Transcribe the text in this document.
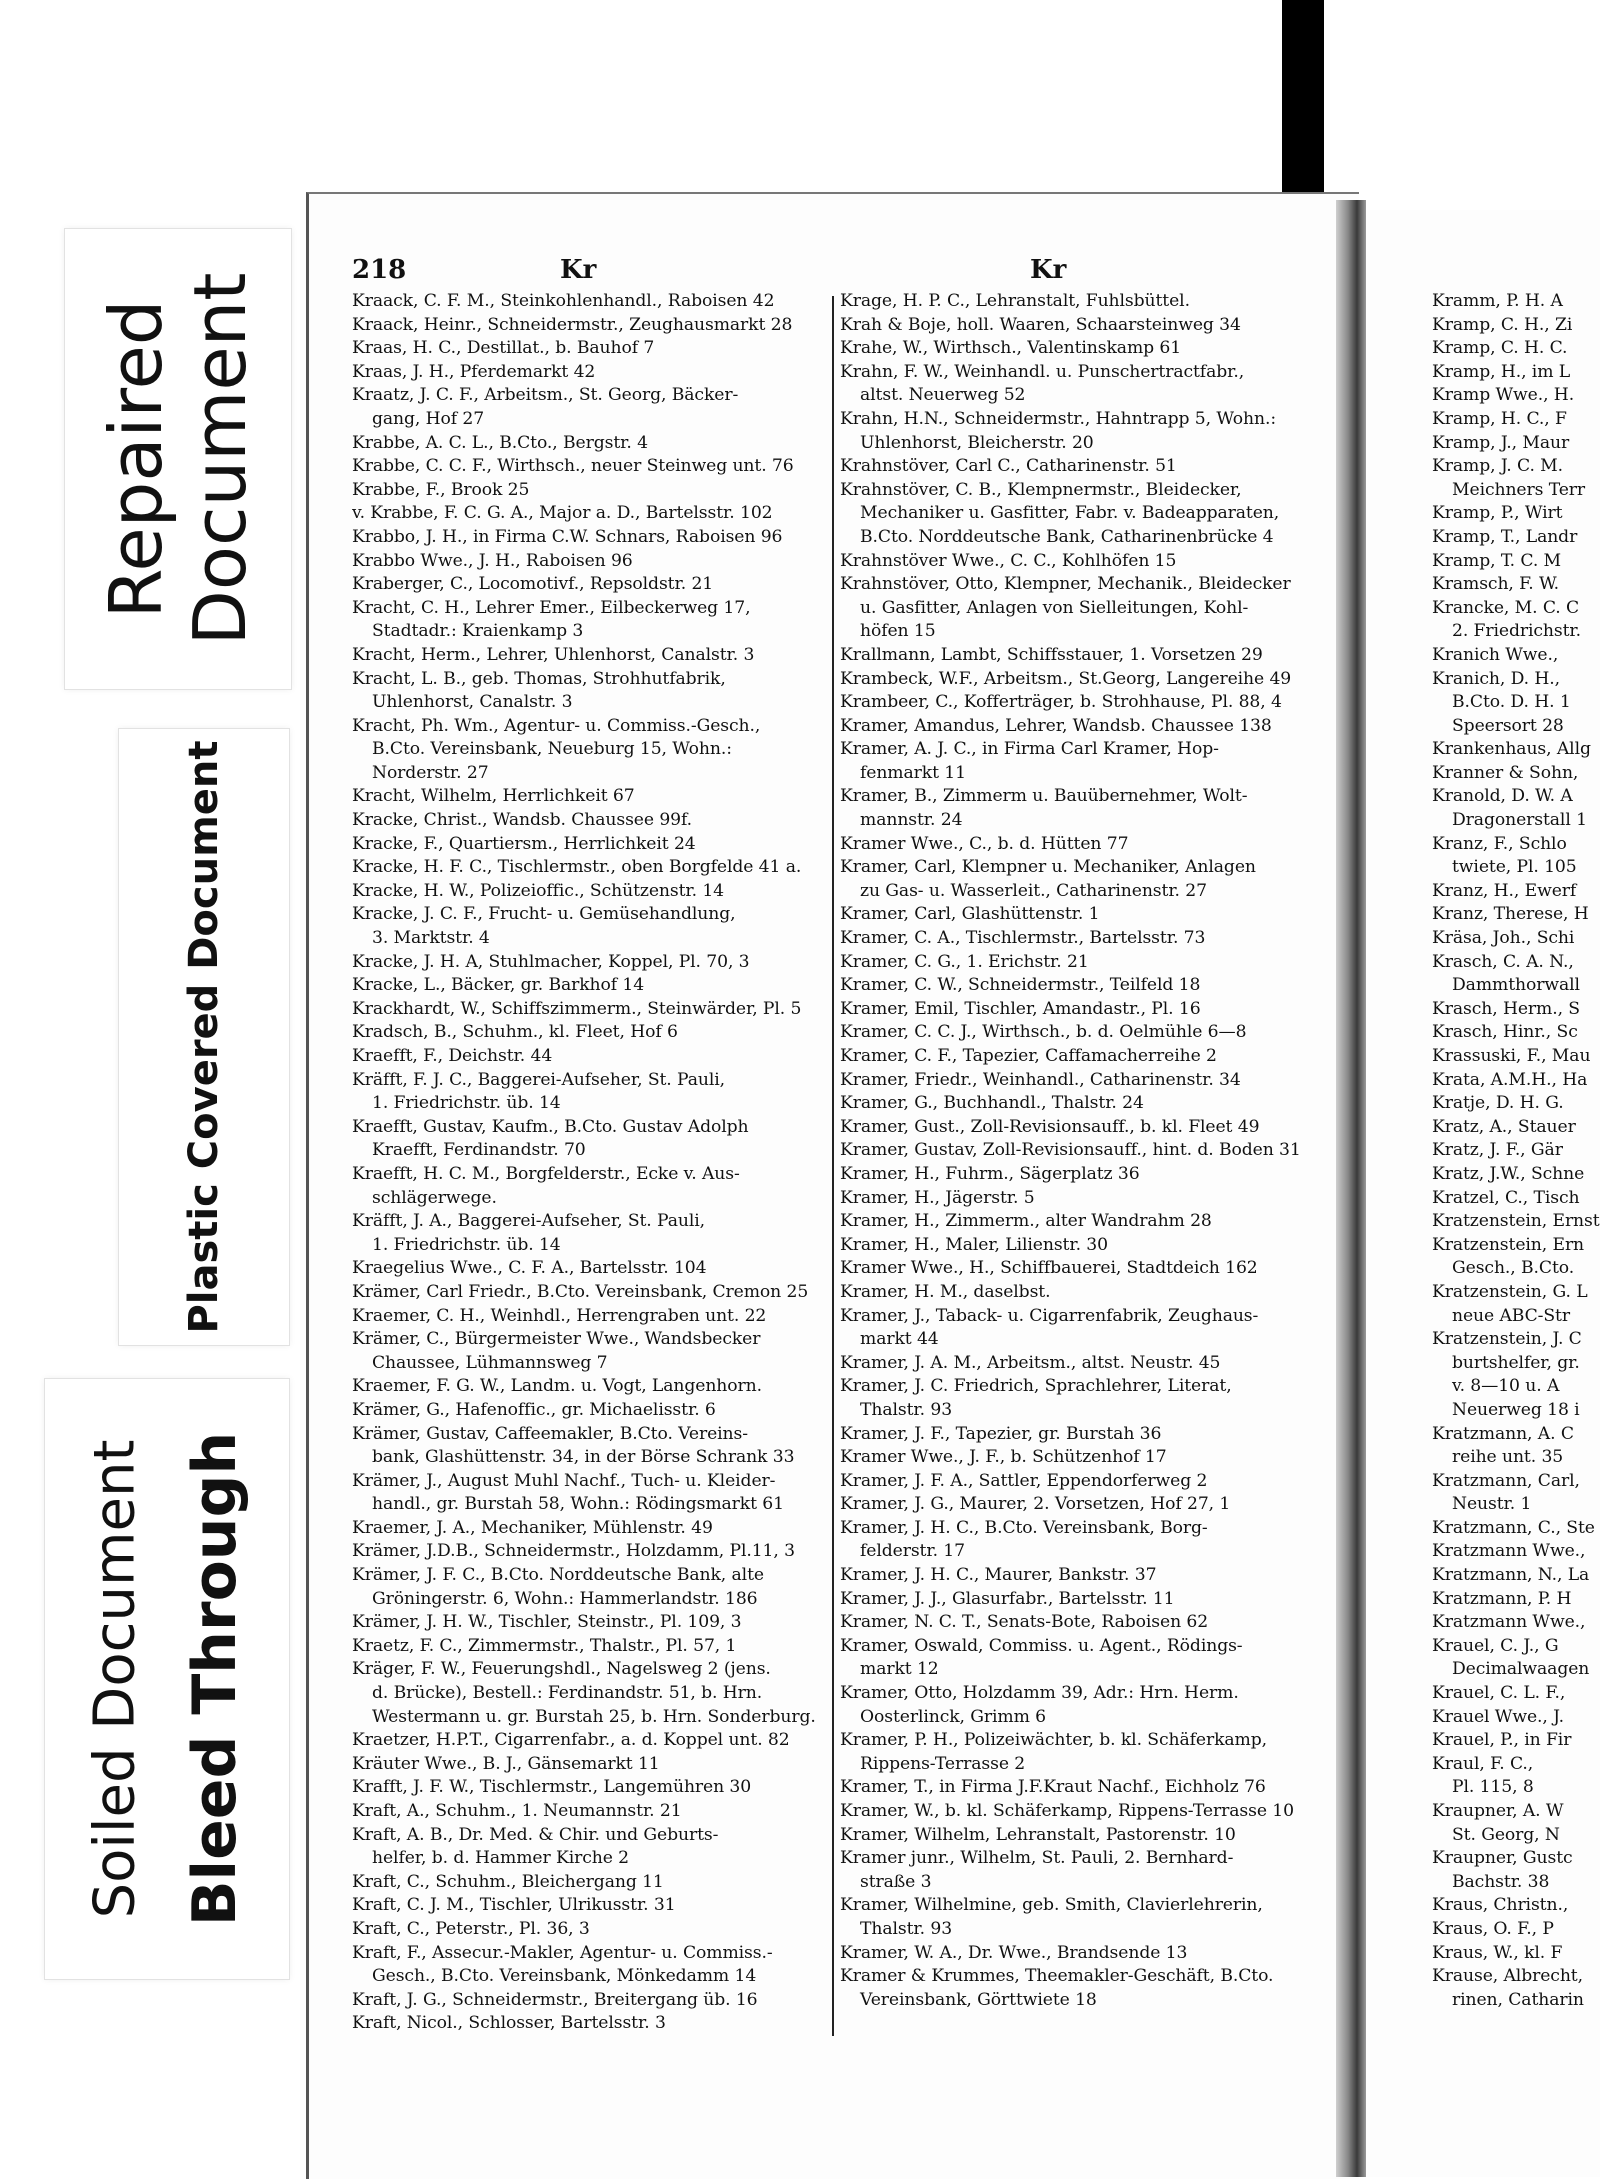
Repaired Document
Plastic Covered Document
Soiled Document Bleed Through
218	Kr	Kr
Kraack, C. F. M., Steinkohlenhandl., Raboisen 42
Kraack, Heinr., Schneidermstr., Zeughausmarkt 28
Kraas, H. C., Destillat., b. Bauhof 7
Kraas, J. H., Pferdemarkt 42
Kraatz, J. C. F., Arbeitsm., St. Georg, Bäcker-
gang, Hof 27
Krabbe, A. C. L., B.Cto., Bergstr. 4
Krabbe, C. C. F., Wirthsch., neuer Steinweg unt. 76
Krabbe, F., Brook 25
v. Krabbe, F. C. G. A., Major a. D., Bartelsstr. 102
Krabbo, J. H., in Firma C.W. Schnars, Raboisen 96
Krabbo Wwe., J. H., Raboisen 96
Kraberger, C., Locomotivf., Repsoldstr. 21
Kracht, C. H., Lehrer Emer., Eilbeckerweg 17,
Stadtadr.: Kraienkamp 3
Kracht, Herm., Lehrer, Uhlenhorst, Canalstr. 3
Kracht, L. B., geb. Thomas, Strohhutfabrik,
Uhlenhorst, Canalstr. 3
Kracht, Ph. Wm., Agentur- u. Commiss.-Gesch.,
B.Cto. Vereinsbank, Neueburg 15, Wohn.:
Norderstr. 27
Kracht, Wilhelm, Herrlichkeit 67
Kracke, Christ., Wandsb. Chaussee 99f.
Kracke, F., Quartiersm., Herrlichkeit 24
Kracke, H. F. C., Tischlermstr., oben Borgfelde 41 a.
Kracke, H. W., Polizeioffic., Schützenstr. 14
Kracke, J. C. F., Frucht- u. Gemüsehandlung,
3. Marktstr. 4
Kracke, J. H. A, Stuhlmacher, Koppel, Pl. 70, 3
Kracke, L., Bäcker, gr. Barkhof 14
Krackhardt, W., Schiffszimmerm., Steinwärder, Pl. 5
Kradsch, B., Schuhm., kl. Fleet, Hof 6
Kraefft, F., Deichstr. 44
Kräfft, F. J. C., Baggerei-Aufseher, St. Pauli,
1. Friedrichstr. üb. 14
Kraefft, Gustav, Kaufm., B.Cto. Gustav Adolph
Kraefft, Ferdinandstr. 70
Kraefft, H. C. M., Borgfelderstr., Ecke v. Aus-
schlägerwege.
Kräfft, J. A., Baggerei-Aufseher, St. Pauli,
1. Friedrichstr. üb. 14
Kraegelius Wwe., C. F. A., Bartelsstr. 104
Krämer, Carl Friedr., B.Cto. Vereinsbank, Cremon 25
Kraemer, C. H., Weinhdl., Herrengraben unt. 22
Krämer, C., Bürgermeister Wwe., Wandsbecker
Chaussee, Lühmannsweg 7
Kraemer, F. G. W., Landm. u. Vogt, Langenhorn.
Krämer, G., Hafenoffic., gr. Michaelisstr. 6
Krämer, Gustav, Caffeemakler, B.Cto. Vereins-
bank, Glashüttenstr. 34, in der Börse Schrank 33
Krämer, J., August Muhl Nachf., Tuch- u. Kleider-
handl., gr. Burstah 58, Wohn.: Rödingsmarkt 61
Kraemer, J. A., Mechaniker, Mühlenstr. 49
Krämer, J.D.B., Schneidermstr., Holzdamm, Pl.11, 3
Krämer, J. F. C., B.Cto. Norddeutsche Bank, alte
Gröningerstr. 6, Wohn.: Hammerlandstr. 186
Krämer, J. H. W., Tischler, Steinstr., Pl. 109, 3
Kraetz, F. C., Zimmermstr., Thalstr., Pl. 57, 1
Kräger, F. W., Feuerungshdl., Nagelsweg 2 (jens.
d. Brücke), Bestell.: Ferdinandstr. 51, b. Hrn.
Westermann u. gr. Burstah 25, b. Hrn. Sonderburg.
Kraetzer, H.P.T., Cigarrenfabr., a. d. Koppel unt. 82
Kräuter Wwe., B. J., Gänsemarkt 11
Krafft, J. F. W., Tischlermstr., Langemühren 30
Kraft, A., Schuhm., 1. Neumannstr. 21
Kraft, A. B., Dr. Med. & Chir. und Geburts-
helfer, b. d. Hammer Kirche 2
Kraft, C., Schuhm., Bleichergang 11
Kraft, C. J. M., Tischler, Ulrikusstr. 31
Kraft, C., Peterstr., Pl. 36, 3
Kraft, F., Assecur.-Makler, Agentur- u. Commiss.-
Gesch., B.Cto. Vereinsbank, Mönkedamm 14
Kraft, J. G., Schneidermstr., Breitergang üb. 16
Kraft, Nicol., Schlosser, Bartelsstr. 3
Krage, H. P. C., Lehranstalt, Fuhlsbüttel.
Krah & Boje, holl. Waaren, Schaarsteinweg 34
Krahe, W., Wirthsch., Valentinskamp 61
Krahn, F. W., Weinhandl. u. Punschertractfabr.,
altst. Neuerweg 52
Krahn, H.N., Schneidermstr., Hahntrapp 5, Wohn.:
Uhlenhorst, Bleicherstr. 20
Krahnstöver, Carl C., Catharinenstr. 51
Krahnstöver, C. B., Klempnermstr., Bleidecker,
Mechaniker u. Gasfitter, Fabr. v. Badeapparaten,
B.Cto. Norddeutsche Bank, Catharinenbrücke 4
Krahnstöver Wwe., C. C., Kohlhöfen 15
Krahnstöver, Otto, Klempner, Mechanik., Bleidecker
u. Gasfitter, Anlagen von Sielleitungen, Kohl-
höfen 15
Krallmann, Lambt, Schiffsstauer, 1. Vorsetzen 29
Krambeck, W.F., Arbeitsm., St.Georg, Langereihe 49
Krambeer, C., Kofferträger, b. Strohhause, Pl. 88, 4
Kramer, Amandus, Lehrer, Wandsb. Chaussee 138
Kramer, A. J. C., in Firma Carl Kramer, Hop-
fenmarkt 11
Kramer, B., Zimmerm u. Bauübernehmer, Wolt-
mannstr. 24
Kramer Wwe., C., b. d. Hütten 77
Kramer, Carl, Klempner u. Mechaniker, Anlagen
zu Gas- u. Wasserleit., Catharinenstr. 27
Kramer, Carl, Glashüttenstr. 1
Kramer, C. A., Tischlermstr., Bartelsstr. 73
Kramer, C. G., 1. Erichstr. 21
Kramer, C. W., Schneidermstr., Teilfeld 18
Kramer, Emil, Tischler, Amandastr., Pl. 16
Kramer, C. C. J., Wirthsch., b. d. Oelmühle 6—8
Kramer, C. F., Tapezier, Caffamacherreihe 2
Kramer, Friedr., Weinhandl., Catharinenstr. 34
Kramer, G., Buchhandl., Thalstr. 24
Kramer, Gust., Zoll-Revisionsauff., b. kl. Fleet 49
Kramer, Gustav, Zoll-Revisionsauff., hint. d. Boden 31
Kramer, H., Fuhrm., Sägerplatz 36
Kramer, H., Jägerstr. 5
Kramer, H., Zimmerm., alter Wandrahm 28
Kramer, H., Maler, Lilienstr. 30
Kramer Wwe., H., Schiffbauerei, Stadtdeich 162
Kramer, H. M., daselbst.
Kramer, J., Taback- u. Cigarrenfabrik, Zeughaus-
markt 44
Kramer, J. A. M., Arbeitsm., altst. Neustr. 45
Kramer, J. C. Friedrich, Sprachlehrer, Literat,
Thalstr. 93
Kramer, J. F., Tapezier, gr. Burstah 36
Kramer Wwe., J. F., b. Schützenhof 17
Kramer, J. F. A., Sattler, Eppendorferweg 2
Kramer, J. G., Maurer, 2. Vorsetzen, Hof 27, 1
Kramer, J. H. C., B.Cto. Vereinsbank, Borg-
felderstr. 17
Kramer, J. H. C., Maurer, Bankstr. 37
Kramer, J. J., Glasurfabr., Bartelsstr. 11
Kramer, N. C. T., Senats-Bote, Raboisen 62
Kramer, Oswald, Commiss. u. Agent., Rödings-
markt 12
Kramer, Otto, Holzdamm 39, Adr.: Hrn. Herm.
Oosterlinck, Grimm 6
Kramer, P. H., Polizeiwächter, b. kl. Schäferkamp,
Rippens-Terrasse 2
Kramer, T., in Firma J.F.Kraut Nachf., Eichholz 76
Kramer, W., b. kl. Schäferkamp, Rippens-Terrasse 10
Kramer, Wilhelm, Lehranstalt, Pastorenstr. 10
Kramer junr., Wilhelm, St. Pauli, 2. Bernhard-
straße 3
Kramer, Wilhelmine, geb. Smith, Clavierlehrerin,
Thalstr. 93
Kramer, W. A., Dr. Wwe., Brandsende 13
Kramer & Krummes, Theemakler-Geschäft, B.Cto.
Vereinsbank, Görttwiete 18
Kramm, P. H. A
Kramp, C. H., Zi
Kramp, C. H. C.
Kramp, H., im L
Kramp Wwe., H.
Kramp, H. C., F
Kramp, J., Maur
Kramp, J. C. M.
Meichners Terr
Kramp, P., Wirt
Kramp, T., Landr
Kramp, T. C. M
Kramsch, F. W.
Krancke, M. C. C
2. Friedrichstr.
Kranich Wwe.,
Kranich, D. H.,
B.Cto. D. H. 1
Speersort 28
Krankenhaus, Allg
Kranner & Sohn,
Kranold, D. W. A
Dragonerstall 1
Kranz, F., Schlo
twiete, Pl. 105
Kranz, H., Ewerf
Kranz, Therese, H
Kräsa, Joh., Schi
Krasch, C. A. N.,
Dammthorwall
Krasch, Herm., S
Krasch, Hinr., Sc
Krassuski, F., Mau
Krata, A.M.H., Ha
Kratje, D. H. G.
Kratz, A., Stauer
Kratz, J. F., Gär
Kratz, J.W., Schne
Kratzel, C., Tisch
Kratzenstein, Ernst
Kratzenstein, Ern
Gesch., B.Cto.
Kratzenstein, G. L
neue ABC-Str
Kratzenstein, J. C
burtshelfer, gr.
v. 8—10 u. A
Neuerweg 18 i
Kratzmann, A. C
reihe unt. 35
Kratzmann, Carl,
Neustr. 1
Kratzmann, C., Ste
Kratzmann Wwe.,
Kratzmann, N., La
Kratzmann, P. H
Kratzmann Wwe.,
Krauel, C. J., G
Decimalwaagen
Krauel, C. L. F.,
Krauel Wwe., J.
Krauel, P., in Fir
Kraul, F. C.,
Pl. 115, 8
Kraupner, A. W
St. Georg, N
Kraupner, Gustc
Bachstr. 38
Kraus, Christn.,
Kraus, O. F., P
Kraus, W., kl. F
Krause, Albrecht,
rinen, Catharin
